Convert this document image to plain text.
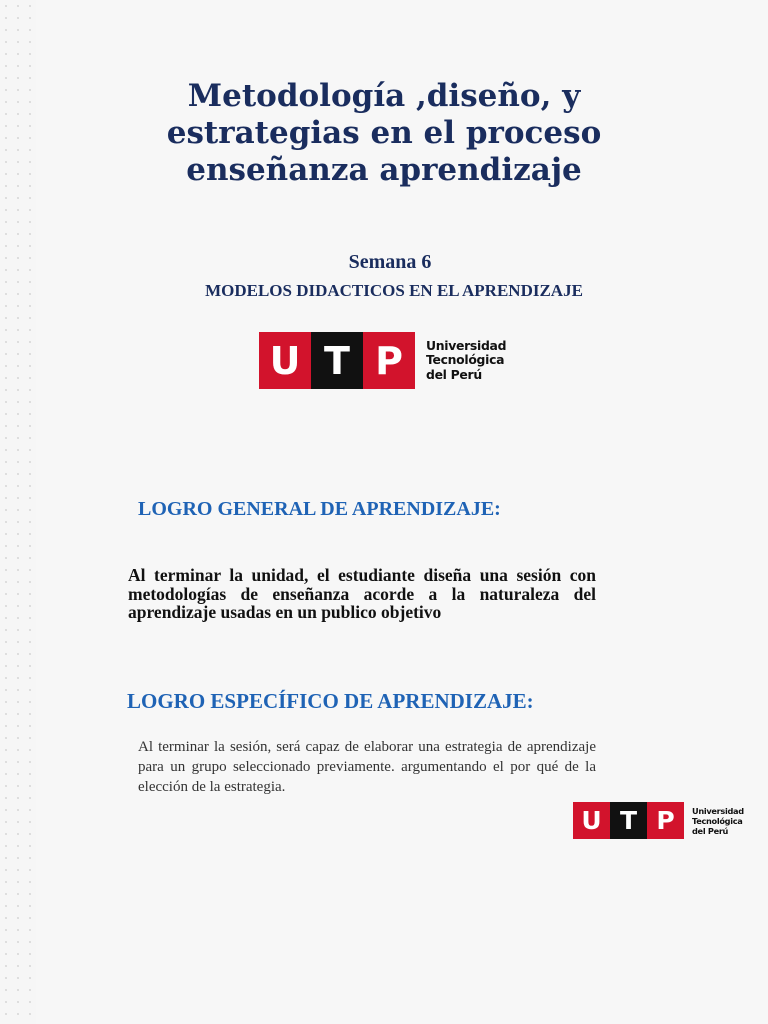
Metodología ,diseño, y
estrategias en el proceso
enseñanza aprendizaje
Semana 6
MODELOS DIDACTICOS EN EL APRENDIZAJE
U T P	Universidad
Tecnológica
del Perú
LOGRO GENERAL DE APRENDIZAJE:

Al terminar la unidad, el estudiante diseña una sesión con metodologías de enseñanza acorde a la naturaleza del aprendizaje usadas en un publico objetivo

LOGRO ESPECÍFICO DE APRENDIZAJE:

Al terminar la sesión, será capaz de elaborar una estrategia de aprendizaje para un grupo seleccionado previamente. argumentando el por qué de la elección de la estrategia.

U T P	Universidad
Tecnológica
del Perú
